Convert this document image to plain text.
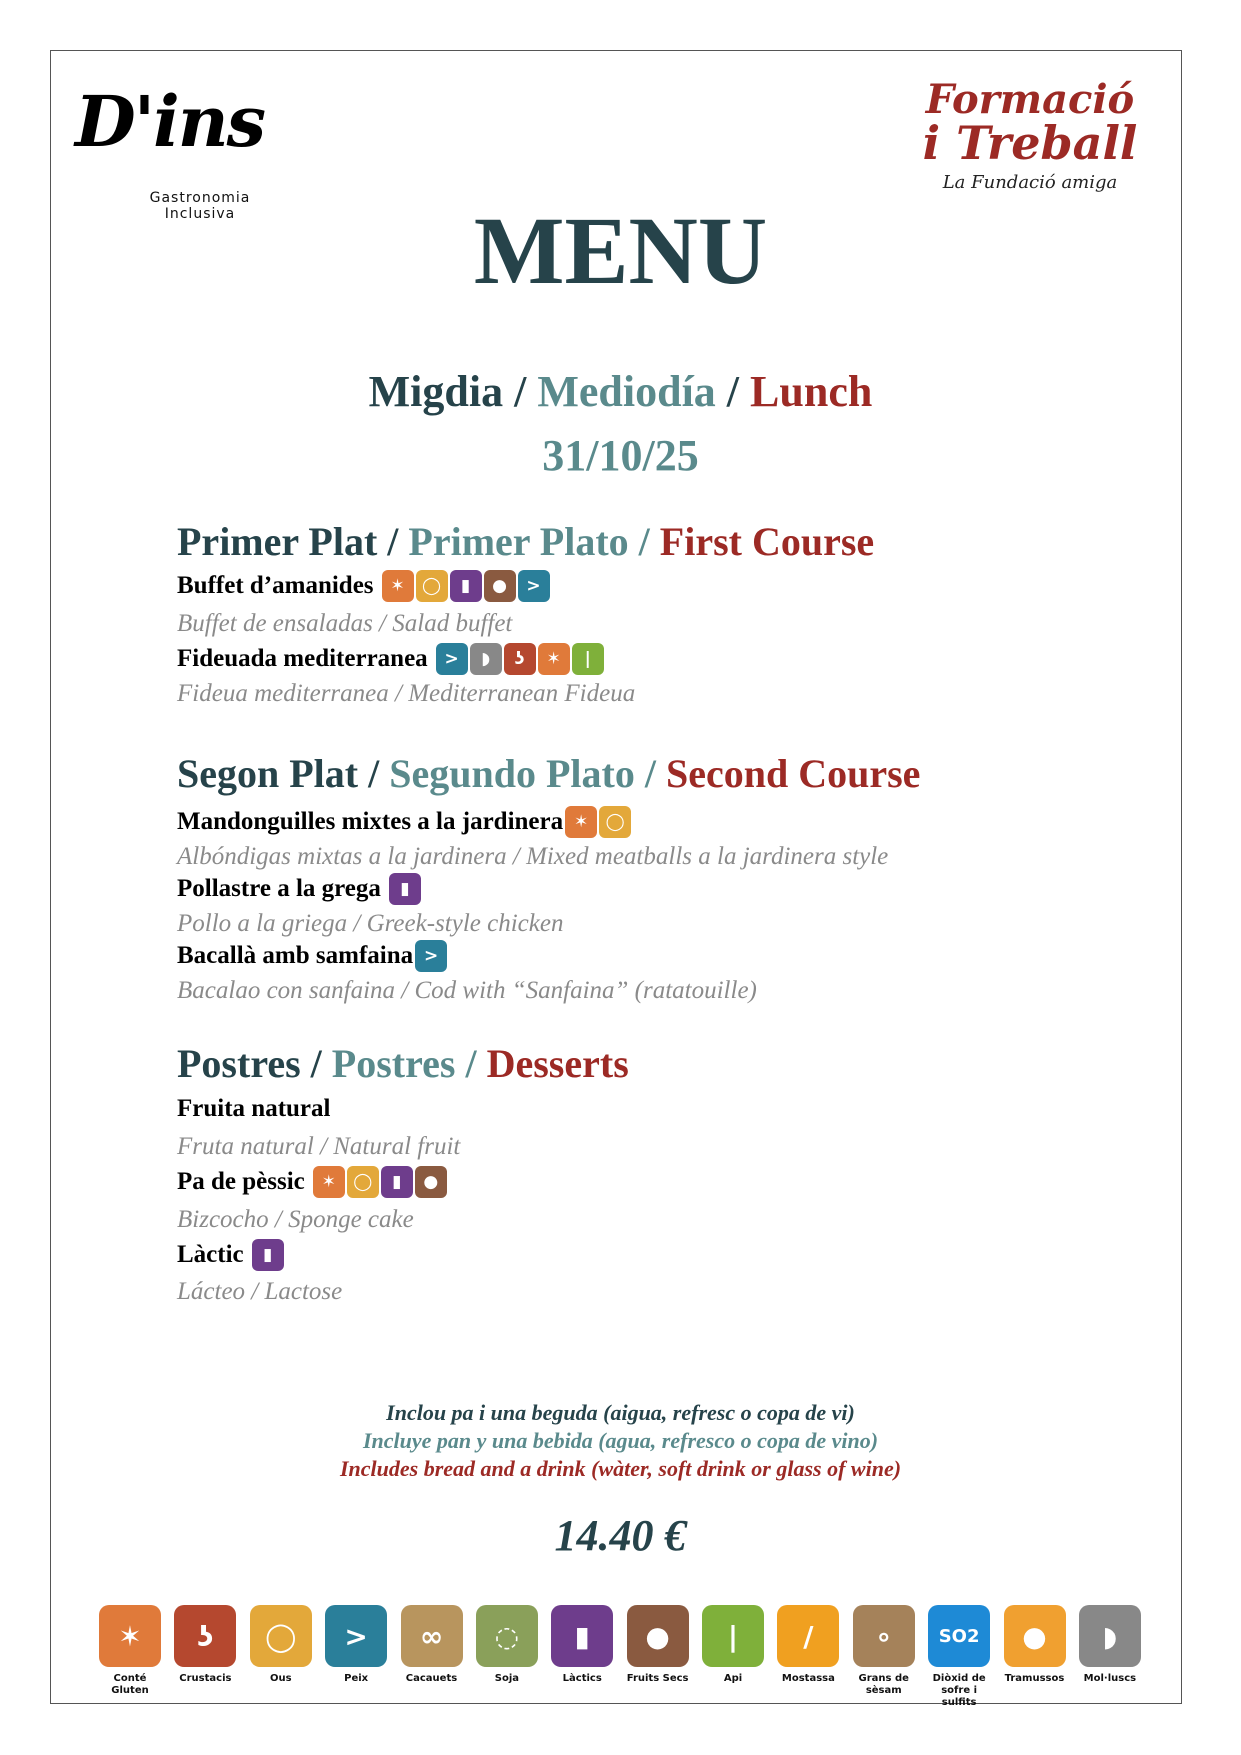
D'ins
Gastronomia Inclusiva
Formació
i Treball
La Fundació amiga
MENU
Migdia / Mediodía / Lunch
31/10/25
Primer Plat / Primer Plato / First Course
Buffet d’amanides ✶	◯	▮	●	>
Buffet de ensaladas / Salad buffet
Fideuada mediterranea >	◗	ʖ	✶	|
Fideua mediterranea / Mediterranean Fideua
Segon Plat / Segundo Plato / Second Course
Mandonguilles mixtes a la jardinera ✶	◯
Albóndigas mixtas a la jardinera / Mixed meatballs a la jardinera style
Pollastre a la grega	▮
Pollo a la griega / Greek-style chicken
Bacallà amb samfaina >
Bacalao con sanfaina / Cod with “Sanfaina” (ratatouille)
Postres / Postres / Desserts
Fruita natural
Fruta natural / Natural fruit
Pa de pèssic ✶	◯	▮	●
Bizcocho / Sponge cake
Làctic	▮
Lácteo / Lactose
Inclou pa i una beguda (aigua, refresc o copa de vi)
Incluye pan y una bebida (agua, refresco o copa de vino)
Includes bread and a drink (wàter, soft drink or glass of wine)
14.40 €
✶
Conté Gluten
ʖ
Crustacis
◯
Ous
>
Peix
∞
Cacauets
◌
Soja
▮
Làctics
●
Fruits Secs
|
Api
/
Mostassa
∘
Grans de sèsam
SO2
Diòxid de sofre i sulfits
●
Tramussos
◗
Mol·luscs
